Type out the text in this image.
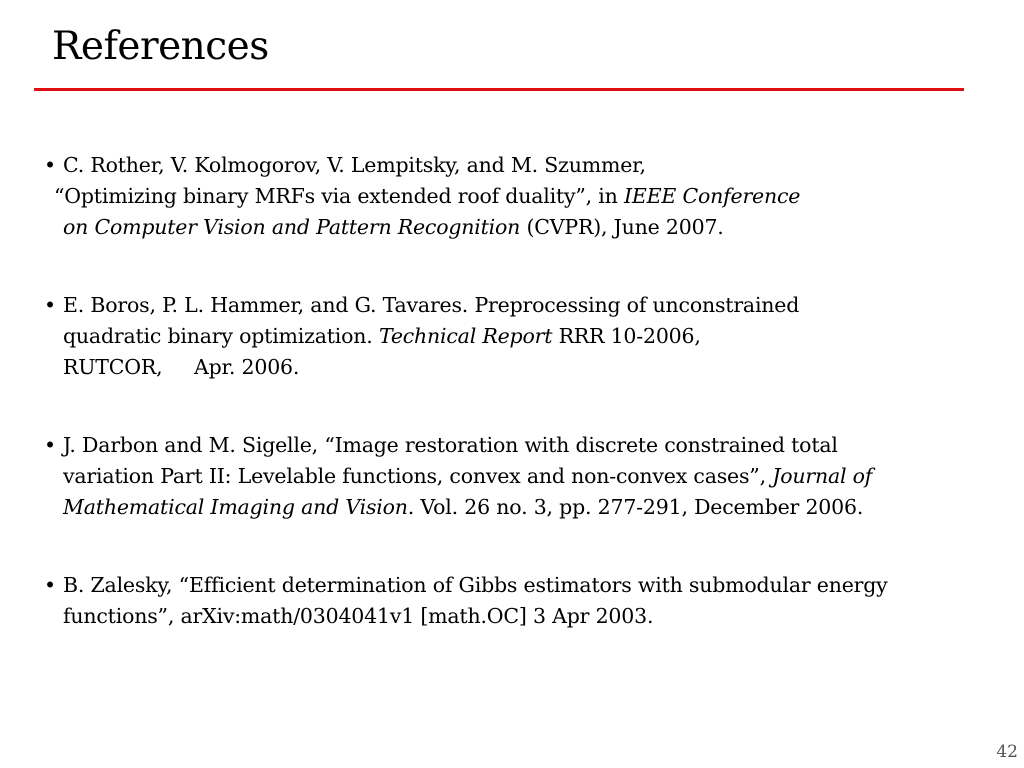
References
• C. Rother, V. Kolmogorov, V. Lempitsky, and M. Szummer,
“Optimizing binary MRFs via extended roof duality”, in IEEE Conference
on Computer Vision and Pattern Recognition (CVPR), June 2007.
• E. Boros, P. L. Hammer, and G. Tavares. Preprocessing of unconstrained
quadratic binary optimization. Technical Report RRR 10-2006,
RUTCOR,     Apr. 2006.
• J. Darbon and M. Sigelle, “Image restoration with discrete constrained total
variation Part II: Levelable functions, convex and non-convex cases”, Journal of
Mathematical Imaging and Vision. Vol. 26 no. 3, pp. 277-291, December 2006.
• B. Zalesky, “Efficient determination of Gibbs estimators with submodular energy
functions”, arXiv:math/0304041v1 [math.OC] 3 Apr 2003.
42
